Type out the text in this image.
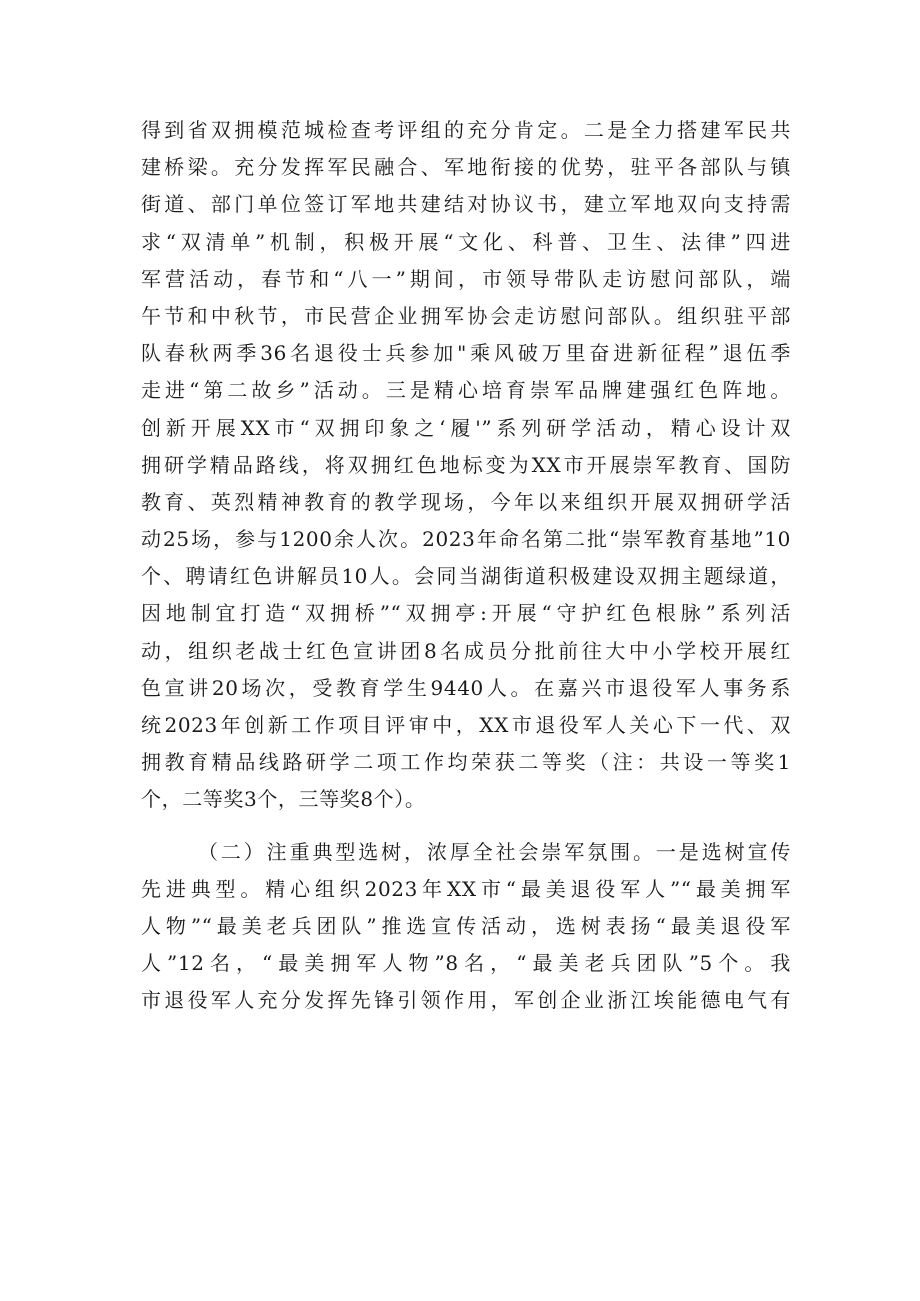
得到省双拥模范城检查考评组的充分肯定。二是全力搭建军民共
建桥梁。充分发挥军民融合、军地衔接的优势，驻平各部队与镇
街道、部门单位签订军地共建结对协议书，建立军地双向支持需
求“双清单”机制，积极开展“文化、科普、卫生、法律”四进
军营活动，春节和“八一”期间，市领导带队走访慰问部队，端
午节和中秋节，市民营企业拥军协会走访慰问部队。组织驻平部
队春秋两季36名退役士兵参加"乘风破万里奋进新征程”退伍季
走进“第二故乡”活动。三是精心培育崇军品牌建强红色阵地。
创新开展XX市“双拥印象之‘履'”系列研学活动，精心设计双
拥研学精品路线，将双拥红色地标变为XX市开展崇军教育、国防
教育、英烈精神教育的教学现场，今年以来组织开展双拥研学活
动25场，参与1200余人次。2023年命名第二批“崇军教育基地”10
个、聘请红色讲解员10人。会同当湖街道积极建设双拥主题绿道，
因地制宜打造“双拥桥”“双拥亭:开展“守护红色根脉”系列活
动，组织老战士红色宣讲团8名成员分批前往大中小学校开展红
色宣讲20场次，受教育学生9440人。在嘉兴市退役军人事务系
统2023年创新工作项目评审中，XX市退役军人关心下一代、双
拥教育精品线路研学二项工作均荣获二等奖（注：共设一等奖1
个，二等奖3个，三等奖8个）。
（二）注重典型选树，浓厚全社会崇军氛围。一是选树宣传
先进典型。精心组织2023年XX市“最美退役军人”“最美拥军
人物”“最美老兵团队”推选宣传活动，选树表扬“最美退役军
人”12名，“最美拥军人物”8名，“最美老兵团队”5个。我
市退役军人充分发挥先锋引领作用，军创企业浙江埃能德电气有
